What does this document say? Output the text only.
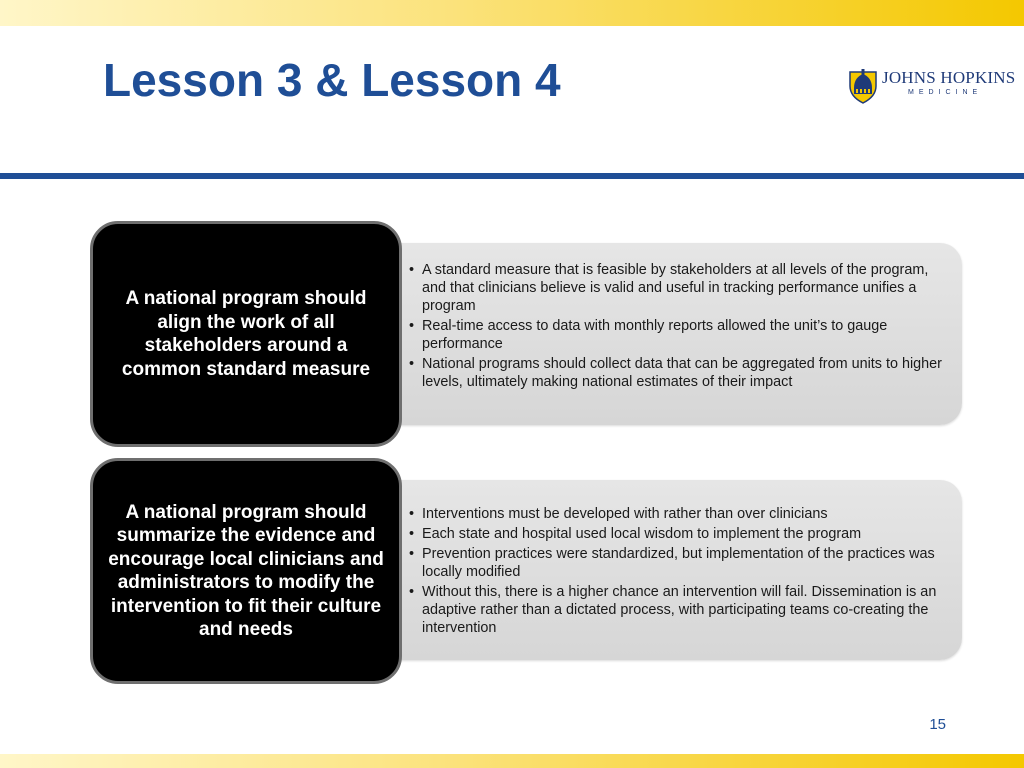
Lesson 3 & Lesson 4	JOHNS HOPKINS
MEDICINE
A national program should align the work of all stakeholders around a common standard measure
• A standard measure that is feasible by stakeholders at all levels of the program, and that clinicians believe is valid and useful in tracking performance unifies a program
• Real-time access to data with monthly reports allowed the unit’s to gauge performance
• National programs should collect data that can be aggregated from units to higher levels, ultimately making national estimates of their impact
A national program should summarize the evidence and encourage local clinicians and administrators to modify the intervention to fit their culture and needs
• Interventions must be developed with rather than over clinicians
• Each state and hospital used local wisdom to implement the program
• Prevention practices were standardized, but implementation of the practices was locally modified
• Without this, there is a higher chance an intervention will fail. Dissemination is an adaptive rather than a dictated process, with participating teams co-creating the intervention
15
